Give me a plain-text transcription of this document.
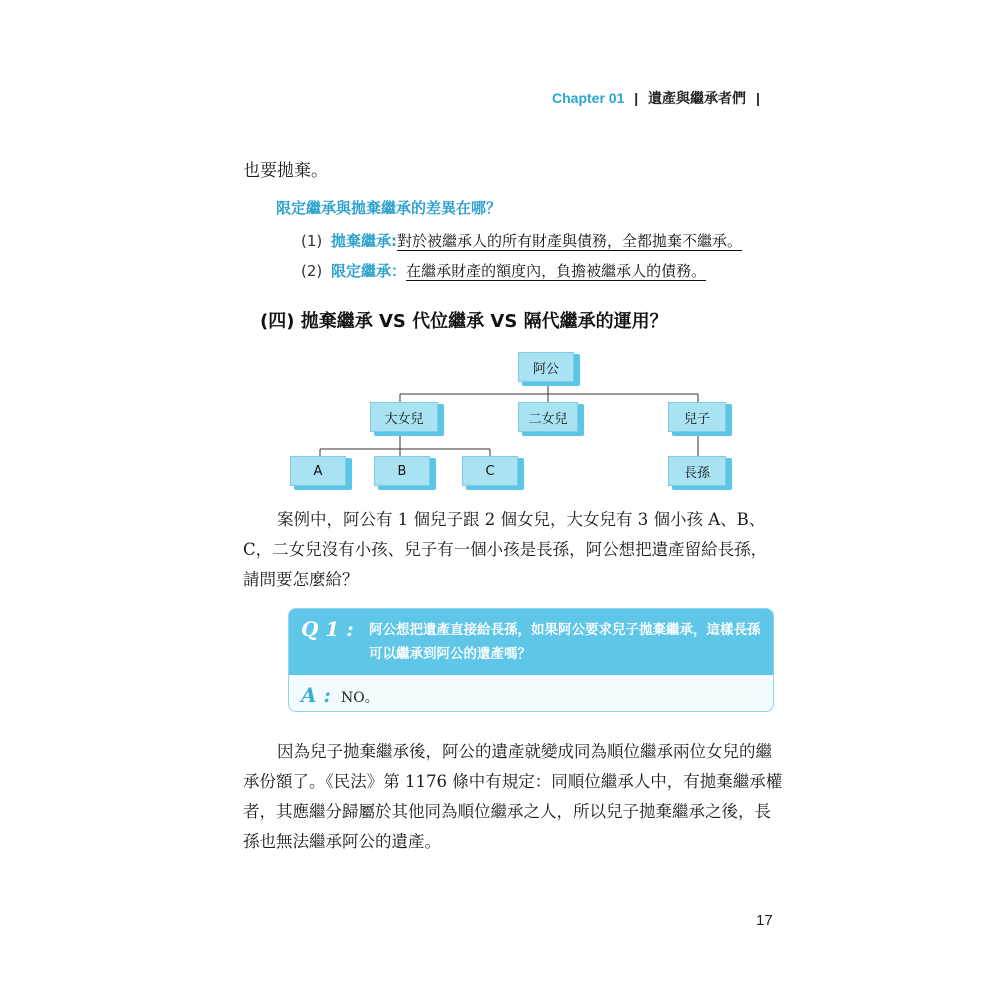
Chapter 01 | 遺產與繼承者們 |
也要拋棄。
限定繼承與拋棄繼承的差異在哪？
(1) 拋棄繼承:對於被繼承人的所有財產與債務，全都拋棄不繼承。
(2) 限定繼承：在繼承財產的額度內，負擔被繼承人的債務。
(四) 拋棄繼承 VS 代位繼承 VS 隔代繼承的運用？
阿公
大女兒	二女兒	兒子
A	B	C	長孫
案例中，阿公有 1 個兒子跟 2 個女兒，大女兒有 3 個小孩 A、B、C，二女兒沒有小孩、兒子有一個小孩是長孫，阿公想把遺產留給長孫，請問要怎麼給？
Q 1 : 阿公想把遺產直接給長孫，如果阿公要求兒子拋棄繼承，這樣長孫可以繼承到阿公的遺產嗎？
A : NO。
因為兒子拋棄繼承後，阿公的遺產就變成同為順位繼承兩位女兒的繼承份額了。《民法》第 1176 條中有規定：同順位繼承人中，有拋棄繼承權者，其應繼分歸屬於其他同為順位繼承之人，所以兒子拋棄繼承之後，長孫也無法繼承阿公的遺產。
17
